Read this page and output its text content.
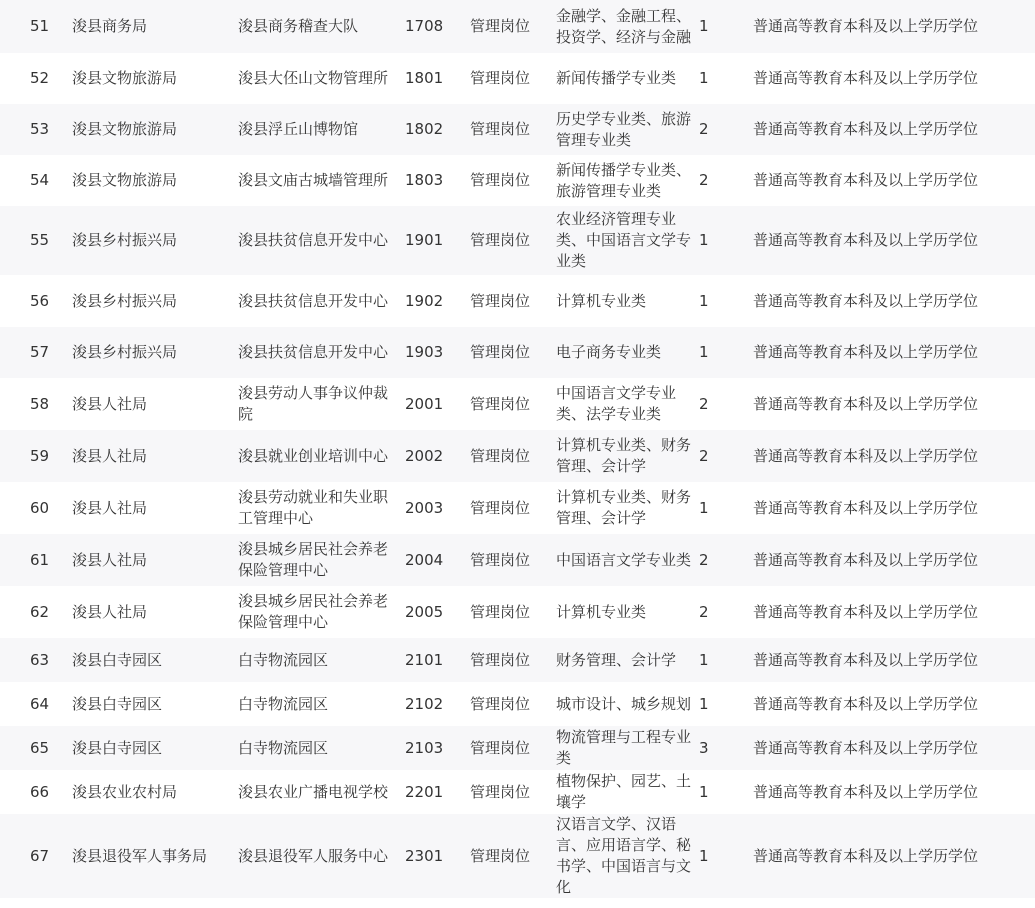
51	浚县商务局	浚县商务稽查大队	1708	管理岗位	金融学、金融工程、投资学、经济与金融	1	普通高等教育本科及以上学历学位
52	浚县文物旅游局	浚县大伾山文物管理所	1801	管理岗位	新闻传播学专业类	1	普通高等教育本科及以上学历学位
53	浚县文物旅游局	浚县浮丘山博物馆	1802	管理岗位	历史学专业类、旅游管理专业类	2	普通高等教育本科及以上学历学位
54	浚县文物旅游局	浚县文庙古城墙管理所	1803	管理岗位	新闻传播学专业类、旅游管理专业类	2	普通高等教育本科及以上学历学位
55	浚县乡村振兴局	浚县扶贫信息开发中心	1901	管理岗位	农业经济管理专业类、中国语言文学专业类	1	普通高等教育本科及以上学历学位
56	浚县乡村振兴局	浚县扶贫信息开发中心	1902	管理岗位	计算机专业类	1	普通高等教育本科及以上学历学位
57	浚县乡村振兴局	浚县扶贫信息开发中心	1903	管理岗位	电子商务专业类	1	普通高等教育本科及以上学历学位
58	浚县人社局	浚县劳动人事争议仲裁院	2001	管理岗位	中国语言文学专业类、法学专业类	2	普通高等教育本科及以上学历学位
59	浚县人社局	浚县就业创业培训中心	2002	管理岗位	计算机专业类、财务管理、会计学	2	普通高等教育本科及以上学历学位
60	浚县人社局	浚县劳动就业和失业职工管理中心	2003	管理岗位	计算机专业类、财务管理、会计学	1	普通高等教育本科及以上学历学位
61	浚县人社局	浚县城乡居民社会养老保险管理中心	2004	管理岗位	中国语言文学专业类	2	普通高等教育本科及以上学历学位
62	浚县人社局	浚县城乡居民社会养老保险管理中心	2005	管理岗位	计算机专业类	2	普通高等教育本科及以上学历学位
63	浚县白寺园区	白寺物流园区	2101	管理岗位	财务管理、会计学	1	普通高等教育本科及以上学历学位
64	浚县白寺园区	白寺物流园区	2102	管理岗位	城市设计、城乡规划	1	普通高等教育本科及以上学历学位
65	浚县白寺园区	白寺物流园区	2103	管理岗位	物流管理与工程专业类	3	普通高等教育本科及以上学历学位
66	浚县农业农村局	浚县农业广播电视学校	2201	管理岗位	植物保护、园艺、土壤学	1	普通高等教育本科及以上学历学位
67	浚县退役军人事务局	浚县退役军人服务中心	2301	管理岗位	汉语言文学、汉语言、应用语言学、秘书学、中国语言与文化	1	普通高等教育本科及以上学历学位
